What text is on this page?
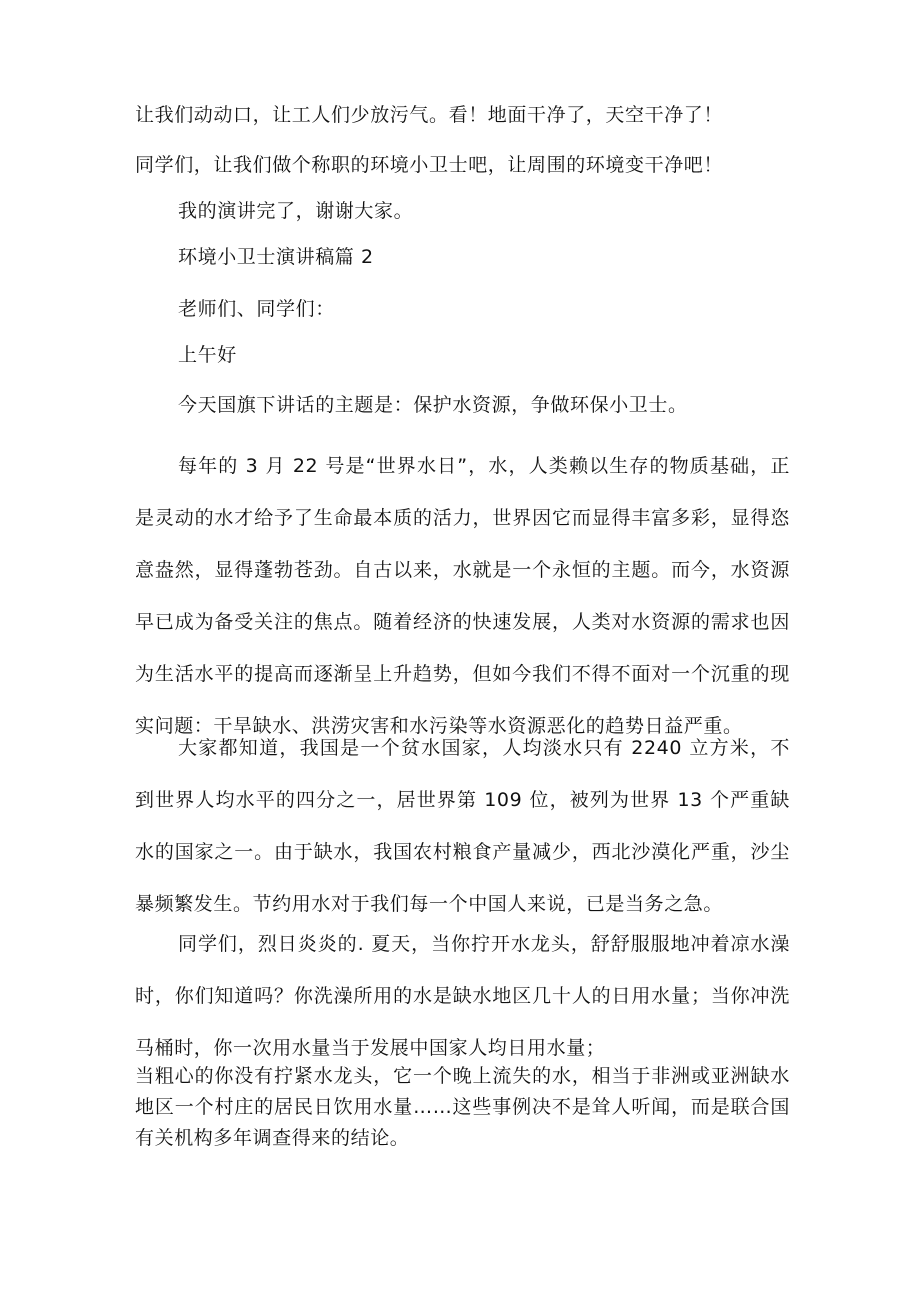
让我们动动口，让工人们少放污气。看！地面干净了，天空干净了！
同学们，让我们做个称职的环境小卫士吧，让周围的环境变干净吧！
我的演讲完了，谢谢大家。
环境小卫士演讲稿篇 2
老师们、同学们：
上午好
今天国旗下讲话的主题是：保护水资源，争做环保小卫士。
每年的 3 月 22 号是“世界水日”，水，人类赖以生存的物质基础，正是灵动的水才给予了生命最本质的活力，世界因它而显得丰富多彩，显得恣意盎然，显得蓬勃苍劲。自古以来，水就是一个永恒的主题。而今，水资源早已成为备受关注的焦点。随着经济的快速发展，人类对水资源的需求也因为生活水平的提高而逐渐呈上升趋势，但如今我们不得不面对一个沉重的现实问题：干旱缺水、洪涝灾害和水污染等水资源恶化的趋势日益严重。
大家都知道，我国是一个贫水国家，人均淡水只有 2240 立方米，不到世界人均水平的四分之一，居世界第 109 位，被列为世界 13 个严重缺水的国家之一。由于缺水，我国农村粮食产量减少，西北沙漠化严重，沙尘暴频繁发生。节约用水对于我们每一个中国人来说，已是当务之急。
同学们，烈日炎炎的. 夏天，当你拧开水龙头，舒舒服服地冲着凉水澡时，你们知道吗？你洗澡所用的水是缺水地区几十人的日用水量；当你冲洗马桶时，你一次用水量当于发展中国家人均日用水量；
当粗心的你没有拧紧水龙头，它一个晚上流失的水，相当于非洲或亚洲缺水地区一个村庄的居民日饮用水量……这些事例决不是耸人听闻，而是联合国有关机构多年调查得来的结论。
